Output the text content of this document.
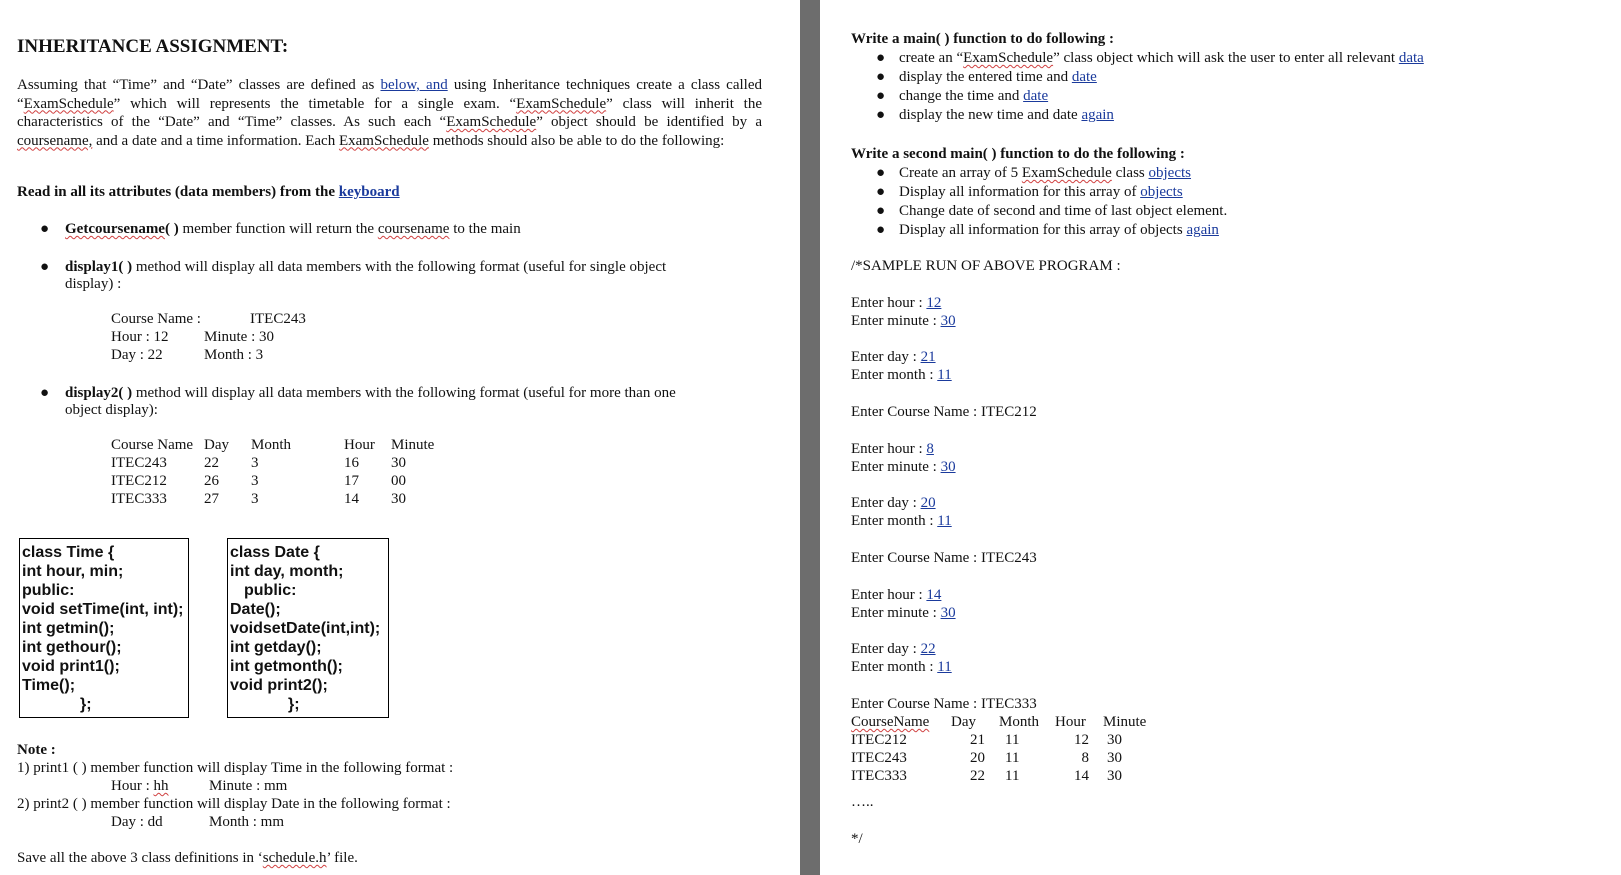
INHERITANCE ASSIGNMENT:
Assuming that “Time” and “Date” classes are defined as below, and using Inheritance techniques create a class called “ExamSchedule” which will represents the timetable for a single exam. “ExamSchedule” class will inherit the characteristics of the “Date” and “Time” classes. As such each “ExamSchedule” object should be identified by a coursename, and a date and a time information. Each ExamSchedule methods should also be able to do the following:
Read in all its attributes (data members) from the keyboard
● Getcoursename( ) member function will return the coursename to the main
● display1( ) method will display all data members with the following format (useful for single object
display) :
Course Name :	ITEC243
Hour : 12 Minute : 30
Day : 22	Month : 3
● display2( ) method will display all data members with the following format (useful for more than one
object display):
Course Name	Day	Month	Hour	Minute
ITEC243	22	3	16	30
ITEC212	26	3	17	00
ITEC333	27	3	14	30
class Time {
int hour, min;
public:
void setTime(int, int);
int getmin();
int gethour();
void print1();
Time();
};
class Date {
int day, month;
public:
Date();
voidsetDate(int,int);
int getday();
int getmonth();
void print2();
};
Note :
1) print1 ( ) member function will display Time in the following format :
Hour : hh	Minute : mm
2) print2 ( ) member function will display Date in the following format :
Day : dd	Month : mm
Save all the above 3 class definitions in ‘schedule.h’ file.
Write a main( ) function to do following :
● create an “ExamSchedule” class object which will ask the user to enter all relevant data
● display the entered time and date
● change the time and date
● display the new time and date again
Write a second main( ) function to do the following :
● Create an array of 5 ExamSchedule class objects
● Display all information for this array of objects
● Change date of second and time of last object element.
● Display all information for this array of objects again
/*SAMPLE RUN OF ABOVE PROGRAM :
Enter hour : 12
Enter minute : 30
Enter day : 21
Enter month : 11
Enter Course Name : ITEC212
Enter hour : 8
Enter minute : 30
Enter day : 20
Enter month : 11
Enter Course Name : ITEC243
Enter hour : 14
Enter minute : 30
Enter day : 22
Enter month : 11
Enter Course Name : ITEC333
CourseName	Day	Month	Hour	Minute
ITEC212	21	11	12	30
ITEC243	20	11	8	30
ITEC333	22	11	14	30
…..
*/
